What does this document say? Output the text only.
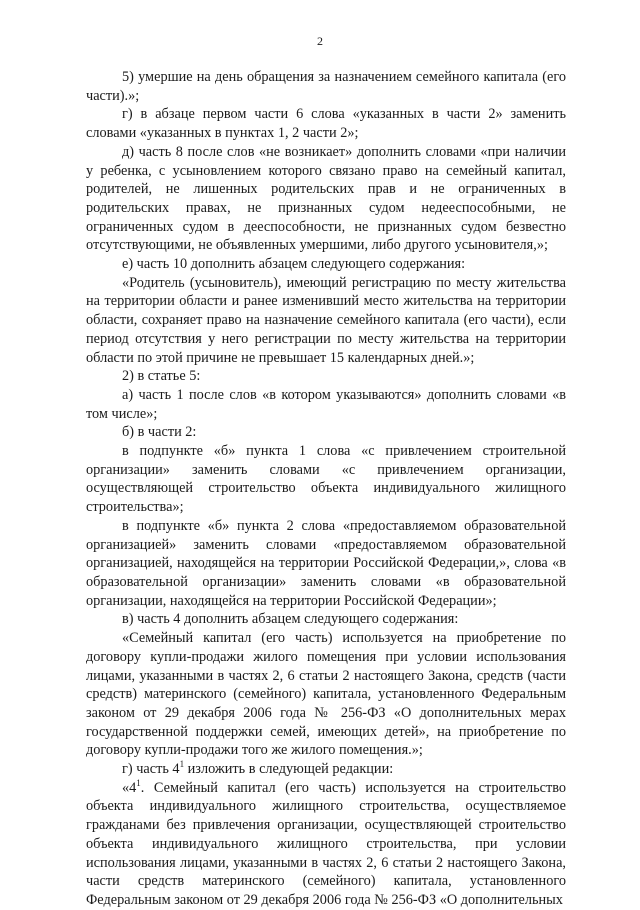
2

5) умершие на день обращения за назначением семейного капитала (его части).»;

г) в абзаце первом части 6 слова «указанных в части 2» заменить словами «указанных в пунктах 1, 2 части 2»;

д) часть 8 после слов «не возникает» дополнить словами «при наличии у ребенка, с усыновлением которого связано право на семейный капитал, родителей, не лишенных родительских прав и не ограниченных в родительских правах, не признанных судом недееспособными, не ограниченных судом в дееспособности, не признанных судом безвестно отсутствующими, не объявленных умершими, либо другого усыновителя,»;

е) часть 10 дополнить абзацем следующего содержания:

«Родитель (усыновитель), имеющий регистрацию по месту жительства на территории области и ранее изменивший место жительства на территории области, сохраняет право на назначение семейного капитала (его части), если период отсутствия у него регистрации по месту жительства на территории области по этой причине не превышает 15 календарных дней.»;

2) в статье 5:

а) часть 1 после слов «в котором указываются» дополнить словами «в том числе»;

б) в части 2:

в подпункте «б» пункта 1 слова «с привлечением строительной организации» заменить словами «с привлечением организации, осуществляющей строительство объекта индивидуального жилищного строительства»;

в подпункте «б» пункта 2 слова «предоставляемом образовательной организацией» заменить словами «предоставляемом образовательной организацией, находящейся на территории Российской Федерации,», слова «в образовательной организации» заменить словами «в образовательной организации, находящейся на территории Российской Федерации»;

в) часть 4 дополнить абзацем следующего содержания:

«Семейный капитал (его часть) используется на приобретение по договору купли-продажи жилого помещения при условии использования лицами, указанными в частях 2, 6 статьи 2 настоящего Закона, средств (части средств) материнского (семейного) капитала, установленного Федеральным законом от 29 декабря 2006 года № 256-ФЗ «О дополнительных мерах государственной поддержки семей, имеющих детей», на приобретение по договору купли-продажи того же жилого помещения.»;

г) часть $4^1$ изложить в следующей редакции:

«$4^1$. Семейный капитал (его часть) используется на строительство объекта индивидуального жилищного строительства, осуществляемое гражданами без привлечения организации, осуществляющей строительство объекта индивидуального жилищного строительства, при условии использования лицами, указанными в частях 2, 6 статьи 2 настоящего Закона, части средств материнского (семейного) капитала, установленного Федеральным законом от 29 декабря 2006 года № 256-ФЗ «О дополнительных
